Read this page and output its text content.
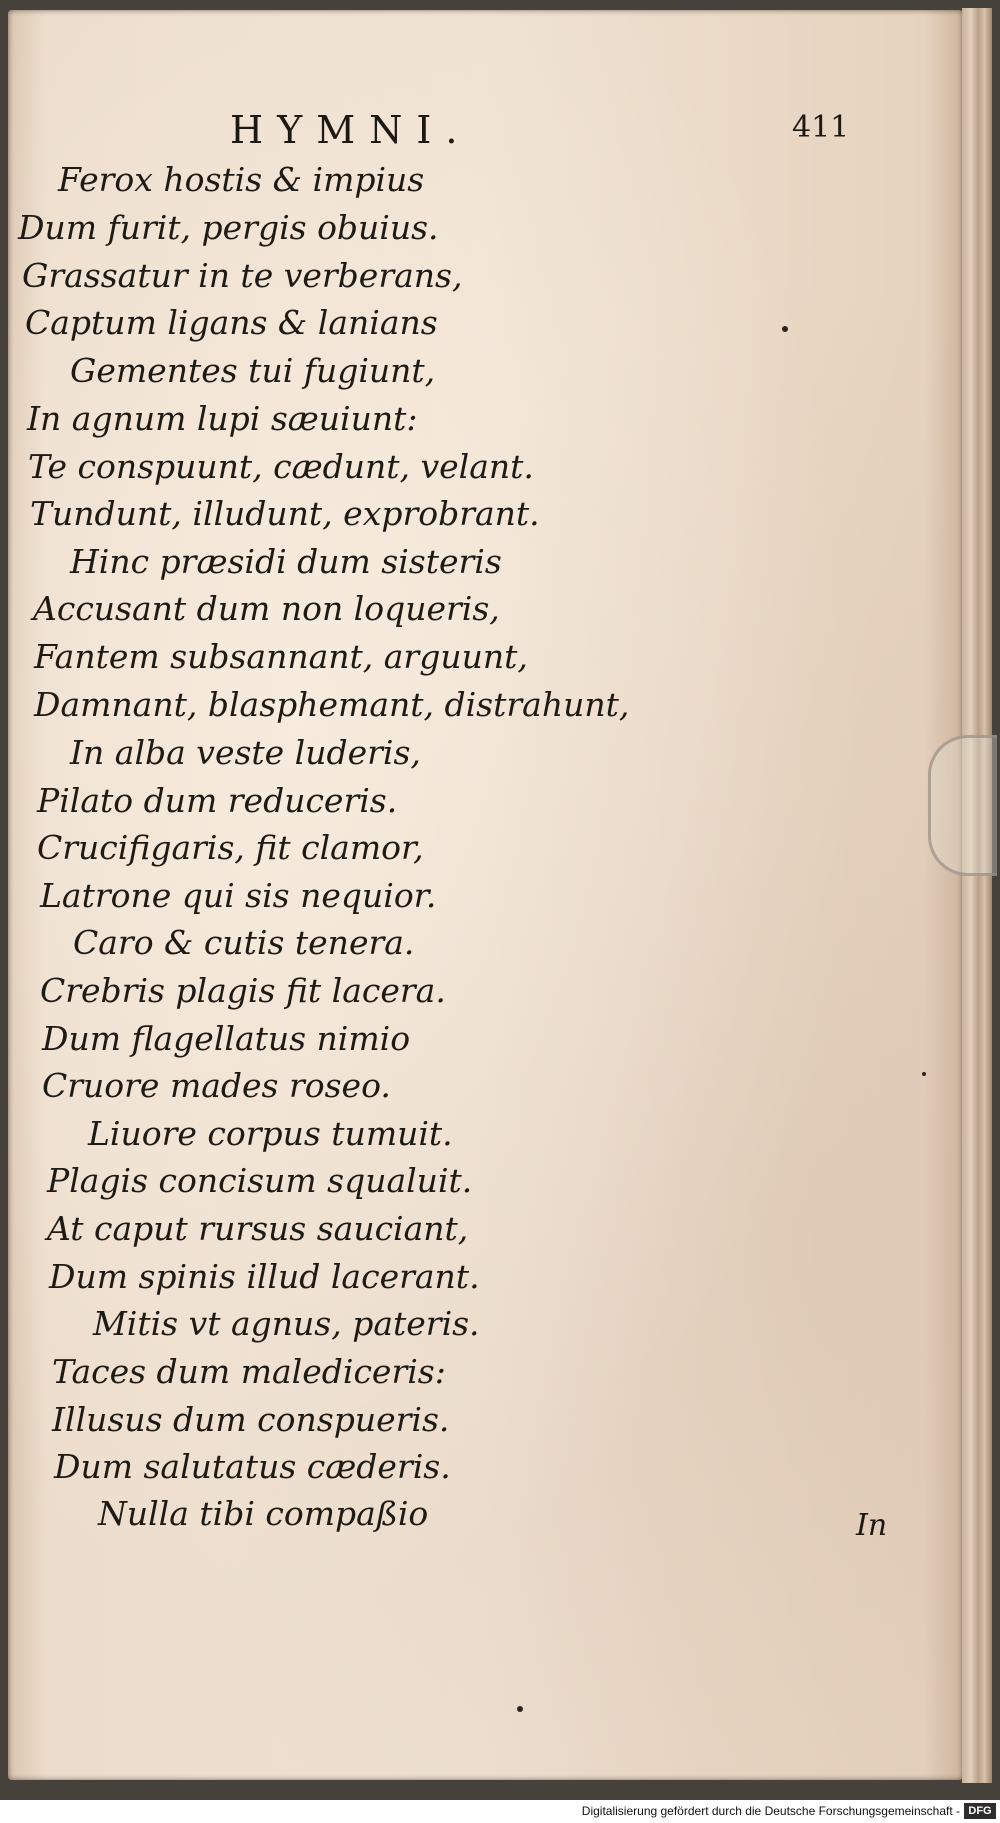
HYMNI.	411
Ferox hostis & impius
Dum furit, pergis obuius.
Grassatur in te verberans,
Captum ligans & lanians
Gementes tui fugiunt,
In agnum lupi sæuiunt:
Te conspuunt, cædunt, velant.
Tundunt, illudunt, exprobrant.
Hinc præsidi dum sisteris
Accusant dum non loqueris,
Fantem subsannant, arguunt,
Damnant, blasphemant, distrahunt,
In alba veste luderis,
Pilato dum reduceris.
Crucifigaris, fit clamor,
Latrone qui sis nequior.
Caro & cutis tenera.
Crebris plagis fit lacera.
Dum flagellatus nimio
Cruore mades roseo.
Liuore corpus tumuit.
Plagis concisum squaluit.
At caput rursus sauciant,
Dum spinis illud lacerant.
Mitis vt agnus, pateris.
Taces dum malediceris:
Illusus dum conspueris.
Dum salutatus cæderis.
Nulla tibi compaßio	In
Digitalisierung gefördert durch die Deutsche Forschungsgemeinschaft - DFG
